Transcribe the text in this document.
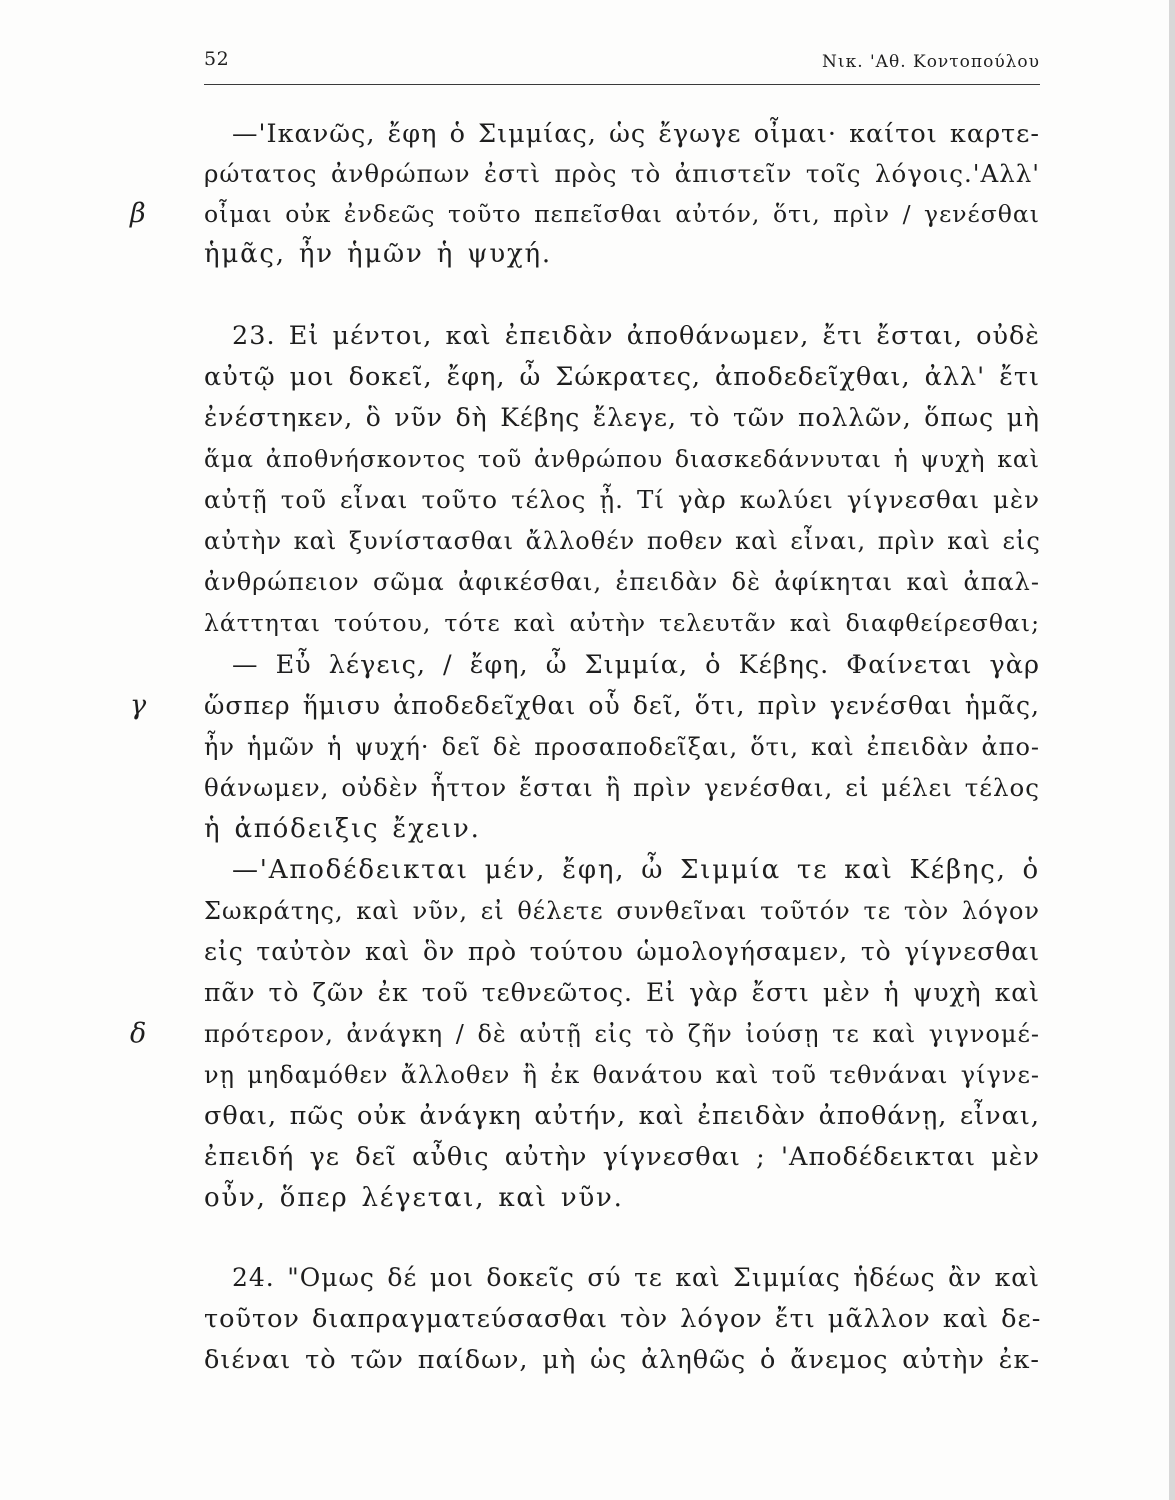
52	Νικ. 'Αθ. Κοντοπούλου
β
γ
δ
—'Ικανῶς, ἔφη ὁ Σιμμίας, ὡς ἔγωγε οἶμαι· καίτοι καρτε-
ρώτατος ἀνθρώπων ἐστὶ πρὸς τὸ ἀπιστεῖν τοῖς λόγοις.'Αλλ'
οἶμαι οὐκ ἐνδεῶς τοῦτο πεπεῖσθαι αὐτόν, ὅτι, πρὶν / γενέσθαι
ἡμᾶς, ἦν ἡμῶν ἡ ψυχή.
23. Εἰ μέντοι, καὶ ἐπειδὰν ἀποθάνωμεν, ἔτι ἔσται, οὐδὲ
αὐτῷ μοι δοκεῖ, ἔφη, ὦ Σώκρατες, ἀποδεδεῖχθαι, ἀλλ' ἔτι
ἐνέστηκεν, ὃ νῦν δὴ Κέβης ἔλεγε, τὸ τῶν πολλῶν, ὅπως μὴ
ἅμα ἀποθνήσκοντος τοῦ ἀνθρώπου διασκεδάννυται ἡ ψυχὴ καὶ
αὐτῇ τοῦ εἶναι τοῦτο τέλος ᾖ. Τί γὰρ κωλύει γίγνεσθαι μὲν
αὐτὴν καὶ ξυνίστασθαι ἄλλοθέν ποθεν καὶ εἶναι, πρὶν καὶ εἰς
ἀνθρώπειον σῶμα ἀφικέσθαι, ἐπειδὰν δὲ ἀφίκηται καὶ ἀπαλ-
λάττηται τούτου, τότε καὶ αὐτὴν τελευτᾶν καὶ διαφθείρεσθαι;
— Εὖ λέγεις, / ἔφη, ὦ Σιμμία, ὁ Κέβης. Φαίνεται γὰρ
ὥσπερ ἥμισυ ἀποδεδεῖχθαι οὗ δεῖ, ὅτι, πρὶν γενέσθαι ἡμᾶς,
ἦν ἡμῶν ἡ ψυχή· δεῖ δὲ προσαποδεῖξαι, ὅτι, καὶ ἐπειδὰν ἀπο-
θάνωμεν, οὐδὲν ἧττον ἔσται ἢ πρὶν γενέσθαι, εἰ μέλει τέλος
ἡ ἀπόδειξις ἔχειν.
—'Αποδέδεικται μέν, ἔφη, ὦ Σιμμία τε καὶ Κέβης, ὁ
Σωκράτης, καὶ νῦν, εἰ θέλετε συνθεῖναι τοῦτόν τε τὸν λόγον
εἰς ταὐτὸν καὶ ὃν πρὸ τούτου ὡμολογήσαμεν, τὸ γίγνεσθαι
πᾶν τὸ ζῶν ἐκ τοῦ τεθνεῶτος. Εἰ γὰρ ἔστι μὲν ἡ ψυχὴ καὶ
πρότερον, ἀνάγκη / δὲ αὐτῇ εἰς τὸ ζῆν ἰούσῃ τε καὶ γιγνομέ-
νῃ μηδαμόθεν ἄλλοθεν ἢ ἐκ θανάτου καὶ τοῦ τεθνάναι γίγνε-
σθαι, πῶς οὐκ ἀνάγκη αὐτήν, καὶ ἐπειδὰν ἀποθάνῃ, εἶναι,
ἐπειδή γε δεῖ αὖθις αὐτὴν γίγνεσθαι ; 'Αποδέδεικται μὲν
οὖν, ὅπερ λέγεται, καὶ νῦν.
24. "Ομως δέ μοι δοκεῖς σύ τε καὶ Σιμμίας ἡδέως ἂν καὶ
τοῦτον διαπραγματεύσασθαι τὸν λόγον ἔτι μᾶλλον καὶ δε-
διέναι τὸ τῶν παίδων, μὴ ὡς ἀληθῶς ὁ ἄνεμος αὐτὴν ἐκ-
